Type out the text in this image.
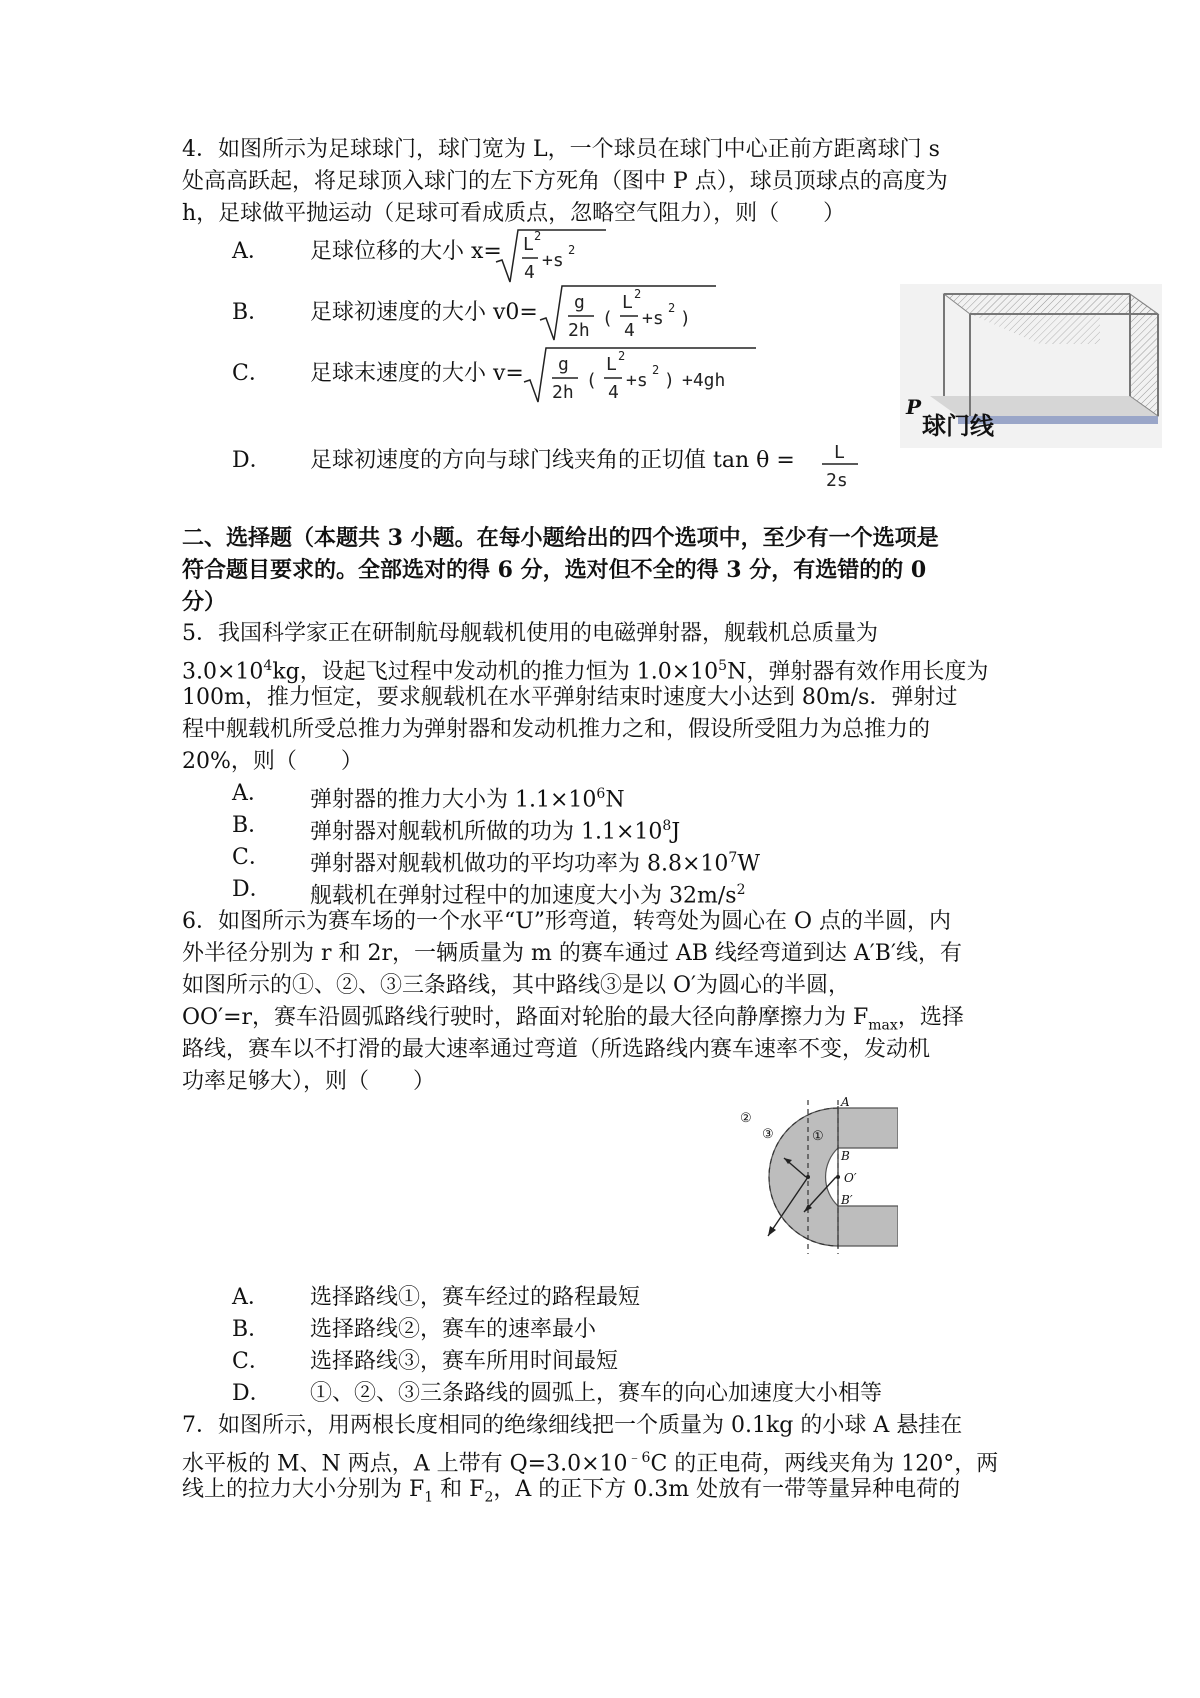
4．如图所示为足球球门，球门宽为 L，一个球员在球门中心正前方距离球门 s
处高高跃起，将足球顶入球门的左下方死角（图中 P 点），球员顶球点的高度为
h，足球做平抛运动（足球可看成质点，忽略空气阻力），则（　　）
A． 足球位移的大小 x= L 2
4
+s 2
B． 足球初速度的大小 v0= g
2h
(
L 2
4
+s 2 )
C． 足球末速度的大小 v= g
2h
(
L 2
4
+s 2 ) +4gh
D． 足球初速度的方向与球门线夹角的正切值 tan θ = L
2s
P
球门线
二、选择题（本题共 3 小题。在每小题给出的四个选项中，至少有一个选项是
符合题目要求的。全部选对的得 6 分，选对但不全的得 3 分，有选错的的 0
分）
5．我国科学家正在研制航母舰载机使用的电磁弹射器，舰载机总质量为
$3.0\times 10^4kg$，设起飞过程中发动机的推力恒为 $1.0\times 10^5N$，弹射器有效作用长度为
100m，推力恒定，要求舰载机在水平弹射结束时速度大小达到 80m/s．弹射过
程中舰载机所受总推力为弹射器和发动机推力之和，假设所受阻力为总推力的
20%，则（　　）
A． 弹射器的推力大小为 $1.1\times 10^6N$
B． 弹射器对舰载机所做的功为 $1.1\times 10^8J$
C． 弹射器对舰载机做功的平均功率为 $8.8\times 10^7W$
D． 舰载机在弹射过程中的加速度大小为 $32m/s^2$
6．如图所示为赛车场的一个水平“U”形弯道，转弯处为圆心在 O 点的半圆，内
外半径分别为 r 和 2r，一辆质量为 m 的赛车通过 AB 线经弯道到达 A′B′线，有
如图所示的①、②、③三条路线，其中路线③是以 O′为圆心的半圆，
OO′=r，赛车沿圆弧路线行驶时，路面对轮胎的最大径向静摩擦力为 $F_{max}$，选择
路线，赛车以不打滑的最大速率通过弯道（所选路线内赛车速率不变，发动机
功率足够大），则（　　）
②
③	①
A
B
O′
B′
A． 选择路线①，赛车经过的路程最短
B． 选择路线②，赛车的速率最小
C． 选择路线③，赛车所用时间最短
D． ①、②、③三条路线的圆弧上，赛车的向心加速度大小相等
7．如图所示，用两根长度相同的绝缘细线把一个质量为 0.1kg 的小球 A 悬挂在
水平板的 M、N 两点，A 上带有 $Q=3.0\times 10^{﹣6}C$ 的正电荷，两线夹角为 120°，两
线上的拉力大小分别为 $F_1$ 和 $F_2$，A 的正下方 0.3m 处放有一带等量异种电荷的
